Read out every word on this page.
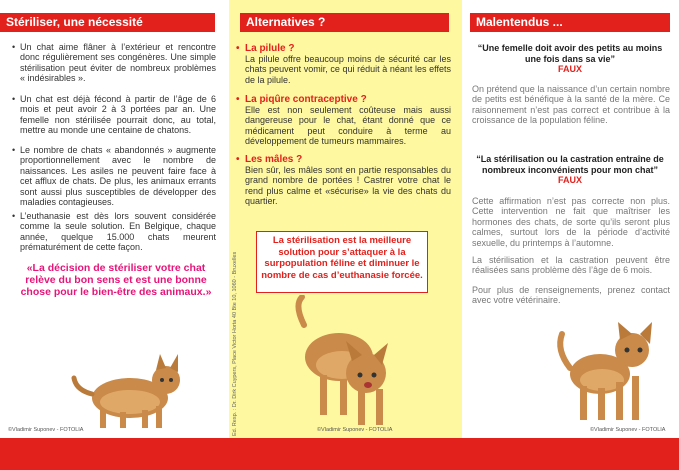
Stériliser, une nécessité
• Un chat aime flâner à l’extérieur et rencontre donc régulièrement ses congénères. Une simple stérilisation peut éviter de nombreux problèmes « indésirables ».
• Un chat est déjà fécond à partir de l’âge de 6 mois et peut avoir 2 à 3 portées par an. Une femelle non stérilisée pourrait donc, au total, mettre au monde une centaine de chatons.
• Le nombre de chats « abandonnés » augmente proportionnellement avec le nombre de naissances. Les asiles ne peuvent faire face à cet afflux de chats. De plus, les animaux errants sont aussi plus susceptibles de développer des maladies contagieuses.
• L’euthanasie est dès lors souvent considérée comme la seule solution. En Belgique, chaque année, quelque 15.000 chats meurent prématurément de cette façon.
«La décision de stériliser votre chat relève du bon sens et est une bonne chose pour le bien-être des animaux.»
©Vladimir Suponev - FOTOLIA
Alternatives ?
• La pilule ?
La pilule offre beaucoup moins de sécurité car les chats peuvent vomir, ce qui réduit à néant les effets de la pilule.
• La piqûre contraceptive ?
Elle est non seulement coûteuse mais aussi dangereuse pour le chat, étant donné que ce médicament peut conduire à terme au développement de tumeurs mammaires.
• Les mâles ?
Bien sûr, les mâles sont en partie responsables du grand nombre de portées ! Castrer votre chat le rend plus calme et «sécurise» la vie des chats du quartier.
La stérilisation est la meilleure solution pour s’attaquer à la surpopulation féline et diminuer le nombre de cas d’euthanasie forcée.
©Vladimir Suponev - FOTOLIA
Ed. Resp. : Dr. Dirk Cuypers, Place Victor Horta 40 Bte 10, 1060 - Bruxelles
Malentendus ...
“Une femelle doit avoir des petits au moins une fois dans sa vie”
FAUX
On prétend que la naissance d’un certain nombre de petits est bénéfique à la santé de la mère. Ce raisonnement n’est pas correct et contribue à la croissance de la population féline.
“La stérilisation ou la castration entraîne de nombreux inconvénients pour mon chat”
FAUX
Cette affirmation n’est pas correcte non plus. Cette intervention ne fait que maîtriser les hormones des chats, de sorte qu’ils seront plus calmes, surtout lors de la période d’activité sexuelle, du printemps à l’automne.
La stérilisation et la castration peuvent être réalisées sans problème dès l’âge de 6 mois.
Pour plus de renseignements, prenez contact avec votre vétérinaire.
©Vladimir Suponev - FOTOLIA
